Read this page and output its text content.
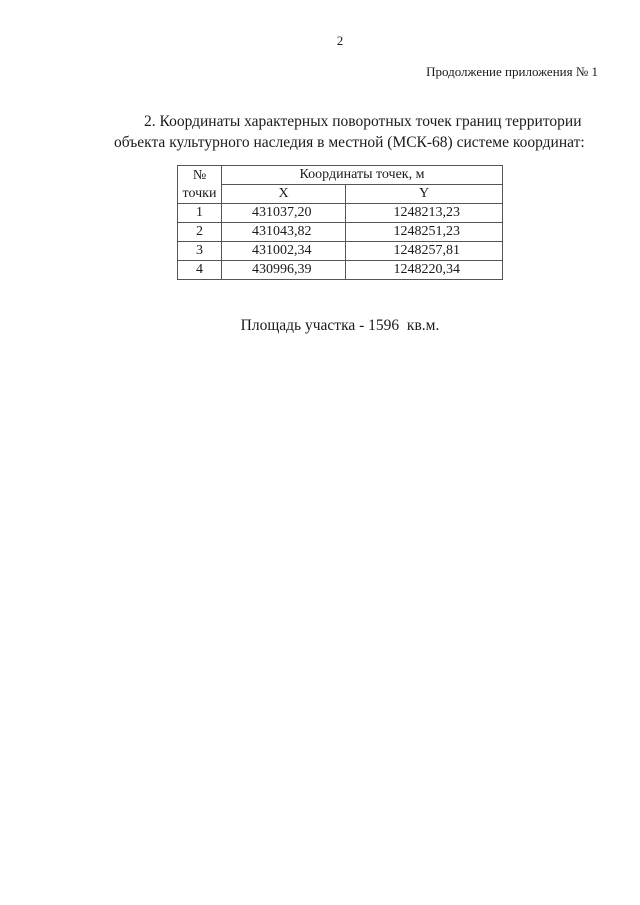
2
Продолжение приложения № 1
2. Координаты характерных поворотных точек границ территории
объекта культурного наследия в местной (МСК-68) системе координат:
№	Координаты точек, м	
точки	X	Y
1	431037,20	1248213,23
2	431043,82	1248251,23
3	431002,34	1248257,81
4	430996,39	1248220,34
Площадь участка - 1596  кв.м.
